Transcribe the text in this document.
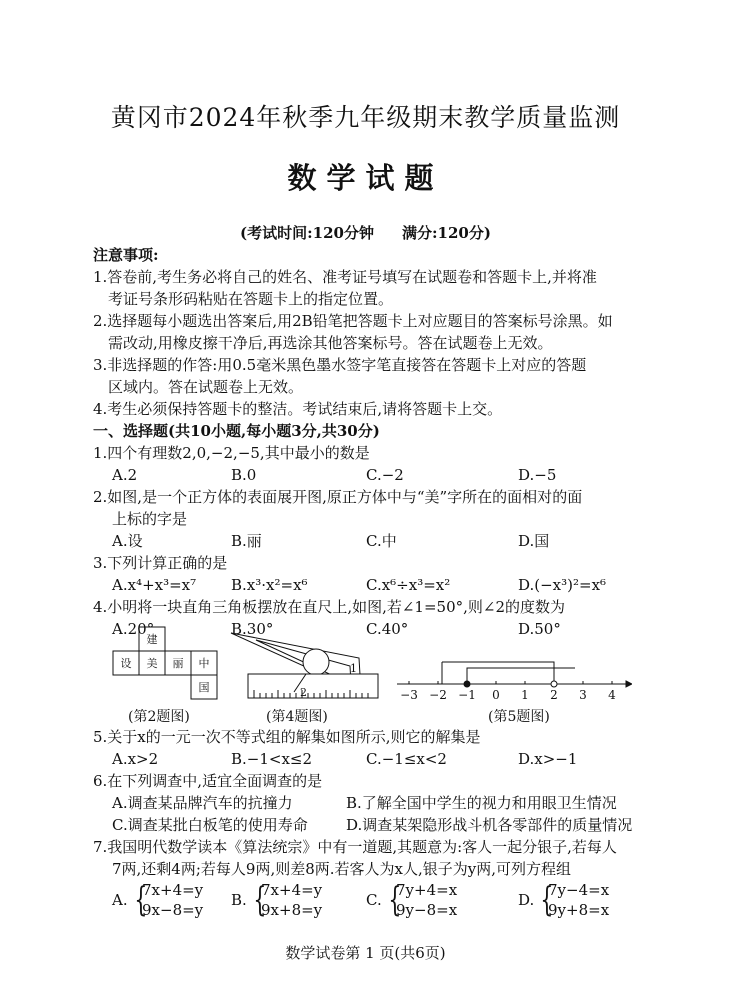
黄冈市2024年秋季九年级期末教学质量监测
数学试题
(考试时间:120分钟 满分:120分)
注意事项:
1.答卷前,考生务必将自己的姓名、准考证号填写在试题卷和答题卡上,并将准
考证号条形码粘贴在答题卡上的指定位置。
2.选择题每小题选出答案后,用2B铅笔把答题卡上对应题目的答案标号涂黑。如
需改动,用橡皮擦干净后,再选涂其他答案标号。答在试题卷上无效。
3.非选择题的作答:用0.5毫米黑色墨水签字笔直接答在答题卡上对应的答题
区域内。答在试题卷上无效。
4.考生必须保持答题卡的整洁。考试结束后,请将答题卡上交。
一、选择题(共10小题,每小题3分,共30分)
1.四个有理数2,0,−2,−5,其中最小的数是
A.2	B.0	C.−2	D.−5
2.如图,是一个正方体的表面展开图,原正方体中与“美”字所在的面相对的面
上标的字是
A.设	B.丽	C.中	D.国
3.下列计算正确的是
A.x⁴+x³=x⁷ B.x³·x²=x⁶	C.x⁶÷x³=x²	D.(−x³)²=x⁶
4.小明将一块直角三角板摆放在直尺上,如图,若∠1=50°,则∠2的度数为
A.20°	B.30°	C.40°	D.50°
建
设 美 丽 中
国
(第2题图)
1
2
(第4题图)
−3 −2 −1 0 1 2 3 4
(第5题图)
5.关于x的一元一次不等式组的解集如图所示,则它的解集是
A.x>2	B.−1<x≤2	C.−1≤x<2	D.x>−1
6.在下列调查中,适宜全面调查的是
A.调查某品牌汽车的抗撞力	B.了解全国中学生的视力和用眼卫生情况
C.调查某批白板笔的使用寿命	D.调查某架隐形战斗机各零部件的质量情况
7.我国明代数学读本《算法统宗》中有一道题,其题意为:客人一起分银子,若每人
7两,还剩4两;若每人9两,则差8两.若客人为x人,银子为y两,可列方程组
A. {
7x+4=y
9x−8=y
B. {
7x+4=y
9x+8=y
C. {
7y+4=x
9y−8=x
D. {
7y−4=x
9y+8=x
数学试卷第 1 页(共6页)
